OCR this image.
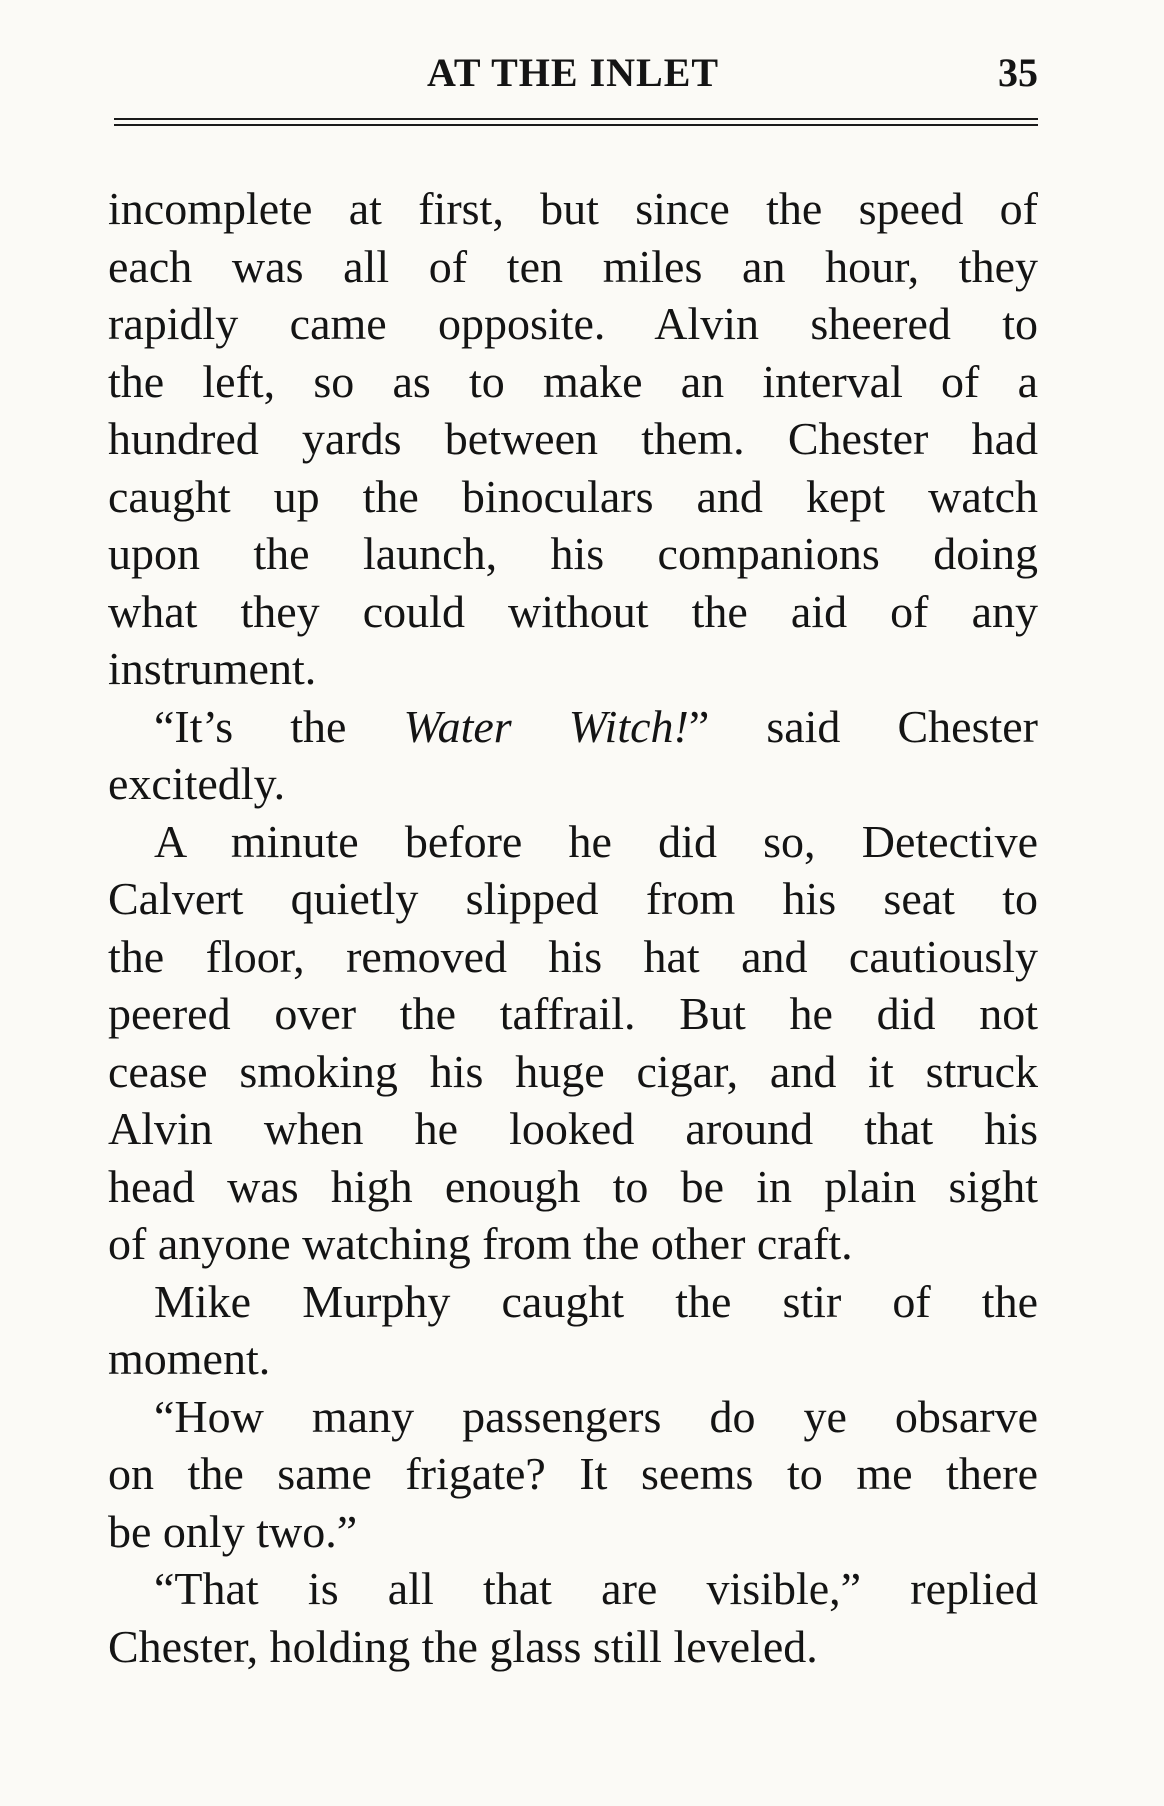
AT THE INLET	35
incomplete at first, but since the speed of
each was all of ten miles an hour, they
rapidly came opposite. Alvin sheered to
the left, so as to make an interval of a
hundred yards between them. Chester had
caught up the binoculars and kept watch
upon the launch, his companions doing
what they could without the aid of any
instrument.
“It’s the Water Witch!” said Chester
excitedly.
A minute before he did so, Detective
Calvert quietly slipped from his seat to
the floor, removed his hat and cautiously
peered over the taffrail. But he did not
cease smoking his huge cigar, and it struck
Alvin when he looked around that his
head was high enough to be in plain sight
of anyone watching from the other craft.
Mike Murphy caught the stir of the
moment.
“How many passengers do ye obsarve
on the same frigate? It seems to me there
be only two.”
“That is all that are visible,” replied
Chester, holding the glass still leveled.
